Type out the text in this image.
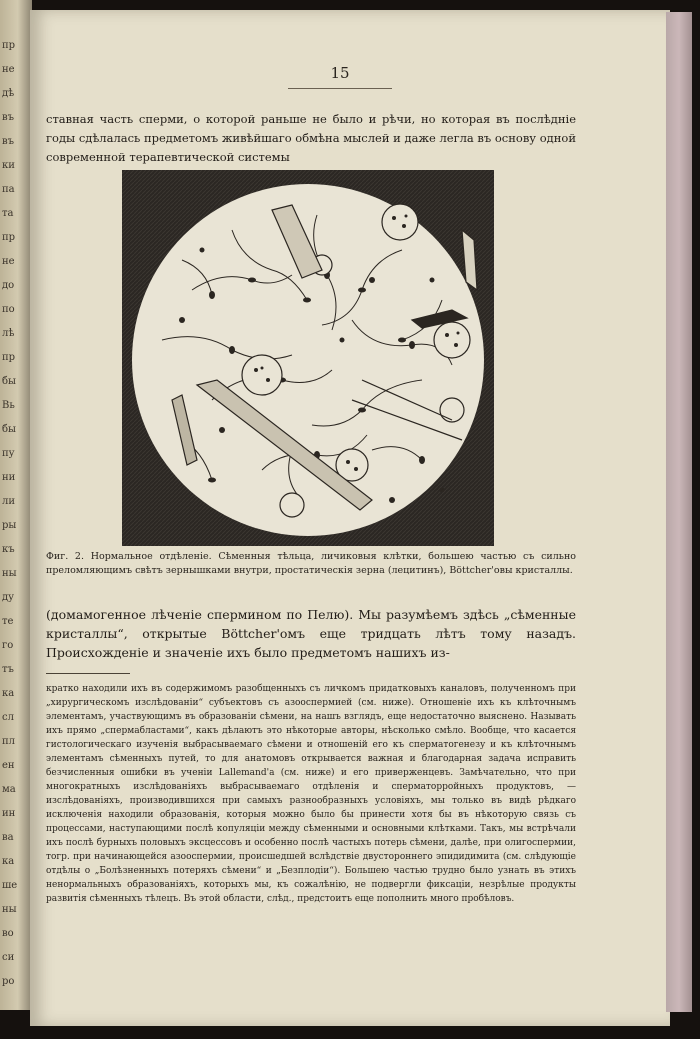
пр
не
дѣ
въ
въ
ки
па
та
пр
не
до
по
лѣ
пр
бы
Вь
бы
пу
ни
ли
ры
къ
ны
ду
те
го
тъ
ка
сл
пл
ен
ма
ин
ва
ка
ше
ны
во
си
ро
15

ставная часть сперми, о которой раньше не было и рѣчи, но которая въ послѣдніе годы сдѣлалась предметомъ живѣйшаго обмѣна мыслей и даже легла въ основу одной современной терапевтической системы

Фиг. 2. Нормальное отдѣленіе. Сѣменныя тѣльца, личиковыя клѣтки, большею частью съ сильно преломляющимъ свѣтъ зернышками внутри, простатическія зерна (лецитинъ), Böttcher'овы кристаллы.

(домамогенное лѣченіе спермином по Пелю). Мы разумѣемъ здѣсь „сѣменные кристаллы“, открытые Böttcher'омъ еще тридцать лѣтъ тому назадъ. Происхожденіе и значеніе ихъ было предметомъ нашихъ из-

кратко находили ихъ въ содержимомъ разобщенныхъ съ личкомъ придатковыхъ каналовъ, полученномъ при „хирургическомъ изслѣдованіи“ субъектовъ съ азооспермией (см. ниже). Отношеніе ихъ къ клѣточнымъ элементамъ, участвующимъ въ образованіи сѣмени, на нашъ взглядъ, еще недостаточно выяснено. Называть ихъ прямо „спермабластами“, какъ дѣлаютъ это нѣкоторые авторы, нѣсколько смѣло. Вообще, что касается гистологическаго изученія выбрасываемаго сѣмени и отношеній его къ сперматогенезу и къ клѣточнымъ элементамъ сѣменныхъ путей, то для анатомовъ открывается важная и благодарная задача исправить безчисленныя ошибки въ ученіи Lallemand'а (см. ниже) и его приверженцевъ. Замѣчательно, что при многократныхъ изслѣдованіяхъ выбрасываемаго отдѣленія и сперматорройныхъ продуктовъ, — изслѣдованіяхъ, производившихся при самыхъ разнообразныхъ условіяхъ, мы только въ видѣ рѣдкаго исключенія находили образованія, которыя можно было бы принести хотя бы въ нѣкоторую связь съ процессами, наступающими послѣ копуляціи между сѣменными и основными клѣтками. Такъ, мы встрѣчали ихъ послѣ бурныхъ половыхъ эксцессовъ и особенно послѣ частыхъ потерь сѣмени, далѣе, при олигоспермии, тогр. при начинающейся азооспермии, происшедшей вслѣдствіе двустороннего эпидидимита (см. слѣдующіе отдѣлы о „Болѣзненныхъ потеряхъ сѣмени“ и „Безплодіи“). Большею частью трудно было узнать въ этихъ ненормальныхъ образованіяхъ, которыхъ мы, къ сожалѣнію, не подвергли фиксаціи, незрѣлые продукты развитія сѣменныхъ тѣлецъ. Въ этой области, слѣд., предстоитъ еще пополнить много пробѣловъ.
